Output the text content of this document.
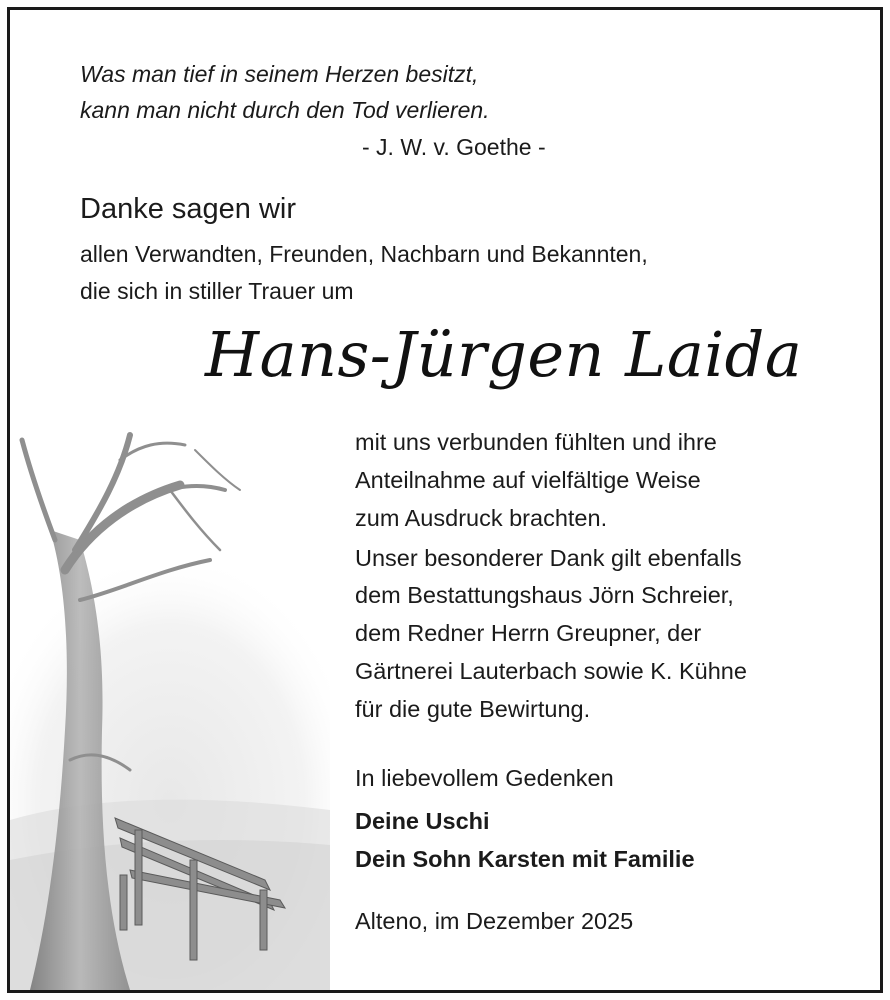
Was man tief in seinem Herzen besitzt,
kann man nicht durch den Tod verlieren.
- J. W. v. Goethe -
Danke sagen wir
allen Verwandten, Freunden, Nachbarn und Bekannten,
die sich in stiller Trauer um
Hans-Jürgen Laida
mit uns verbunden fühlten und ihre
Anteilnahme auf vielfältige Weise
zum Ausdruck brachten.
Unser besonderer Dank gilt ebenfalls
dem Bestattungshaus Jörn Schreier,
dem Redner Herrn Greupner, der
Gärtnerei Lauterbach sowie K. Kühne
für die gute Bewirtung.
In liebevollem Gedenken
Deine Uschi
Dein Sohn Karsten mit Familie
Alteno, im Dezember 2025
